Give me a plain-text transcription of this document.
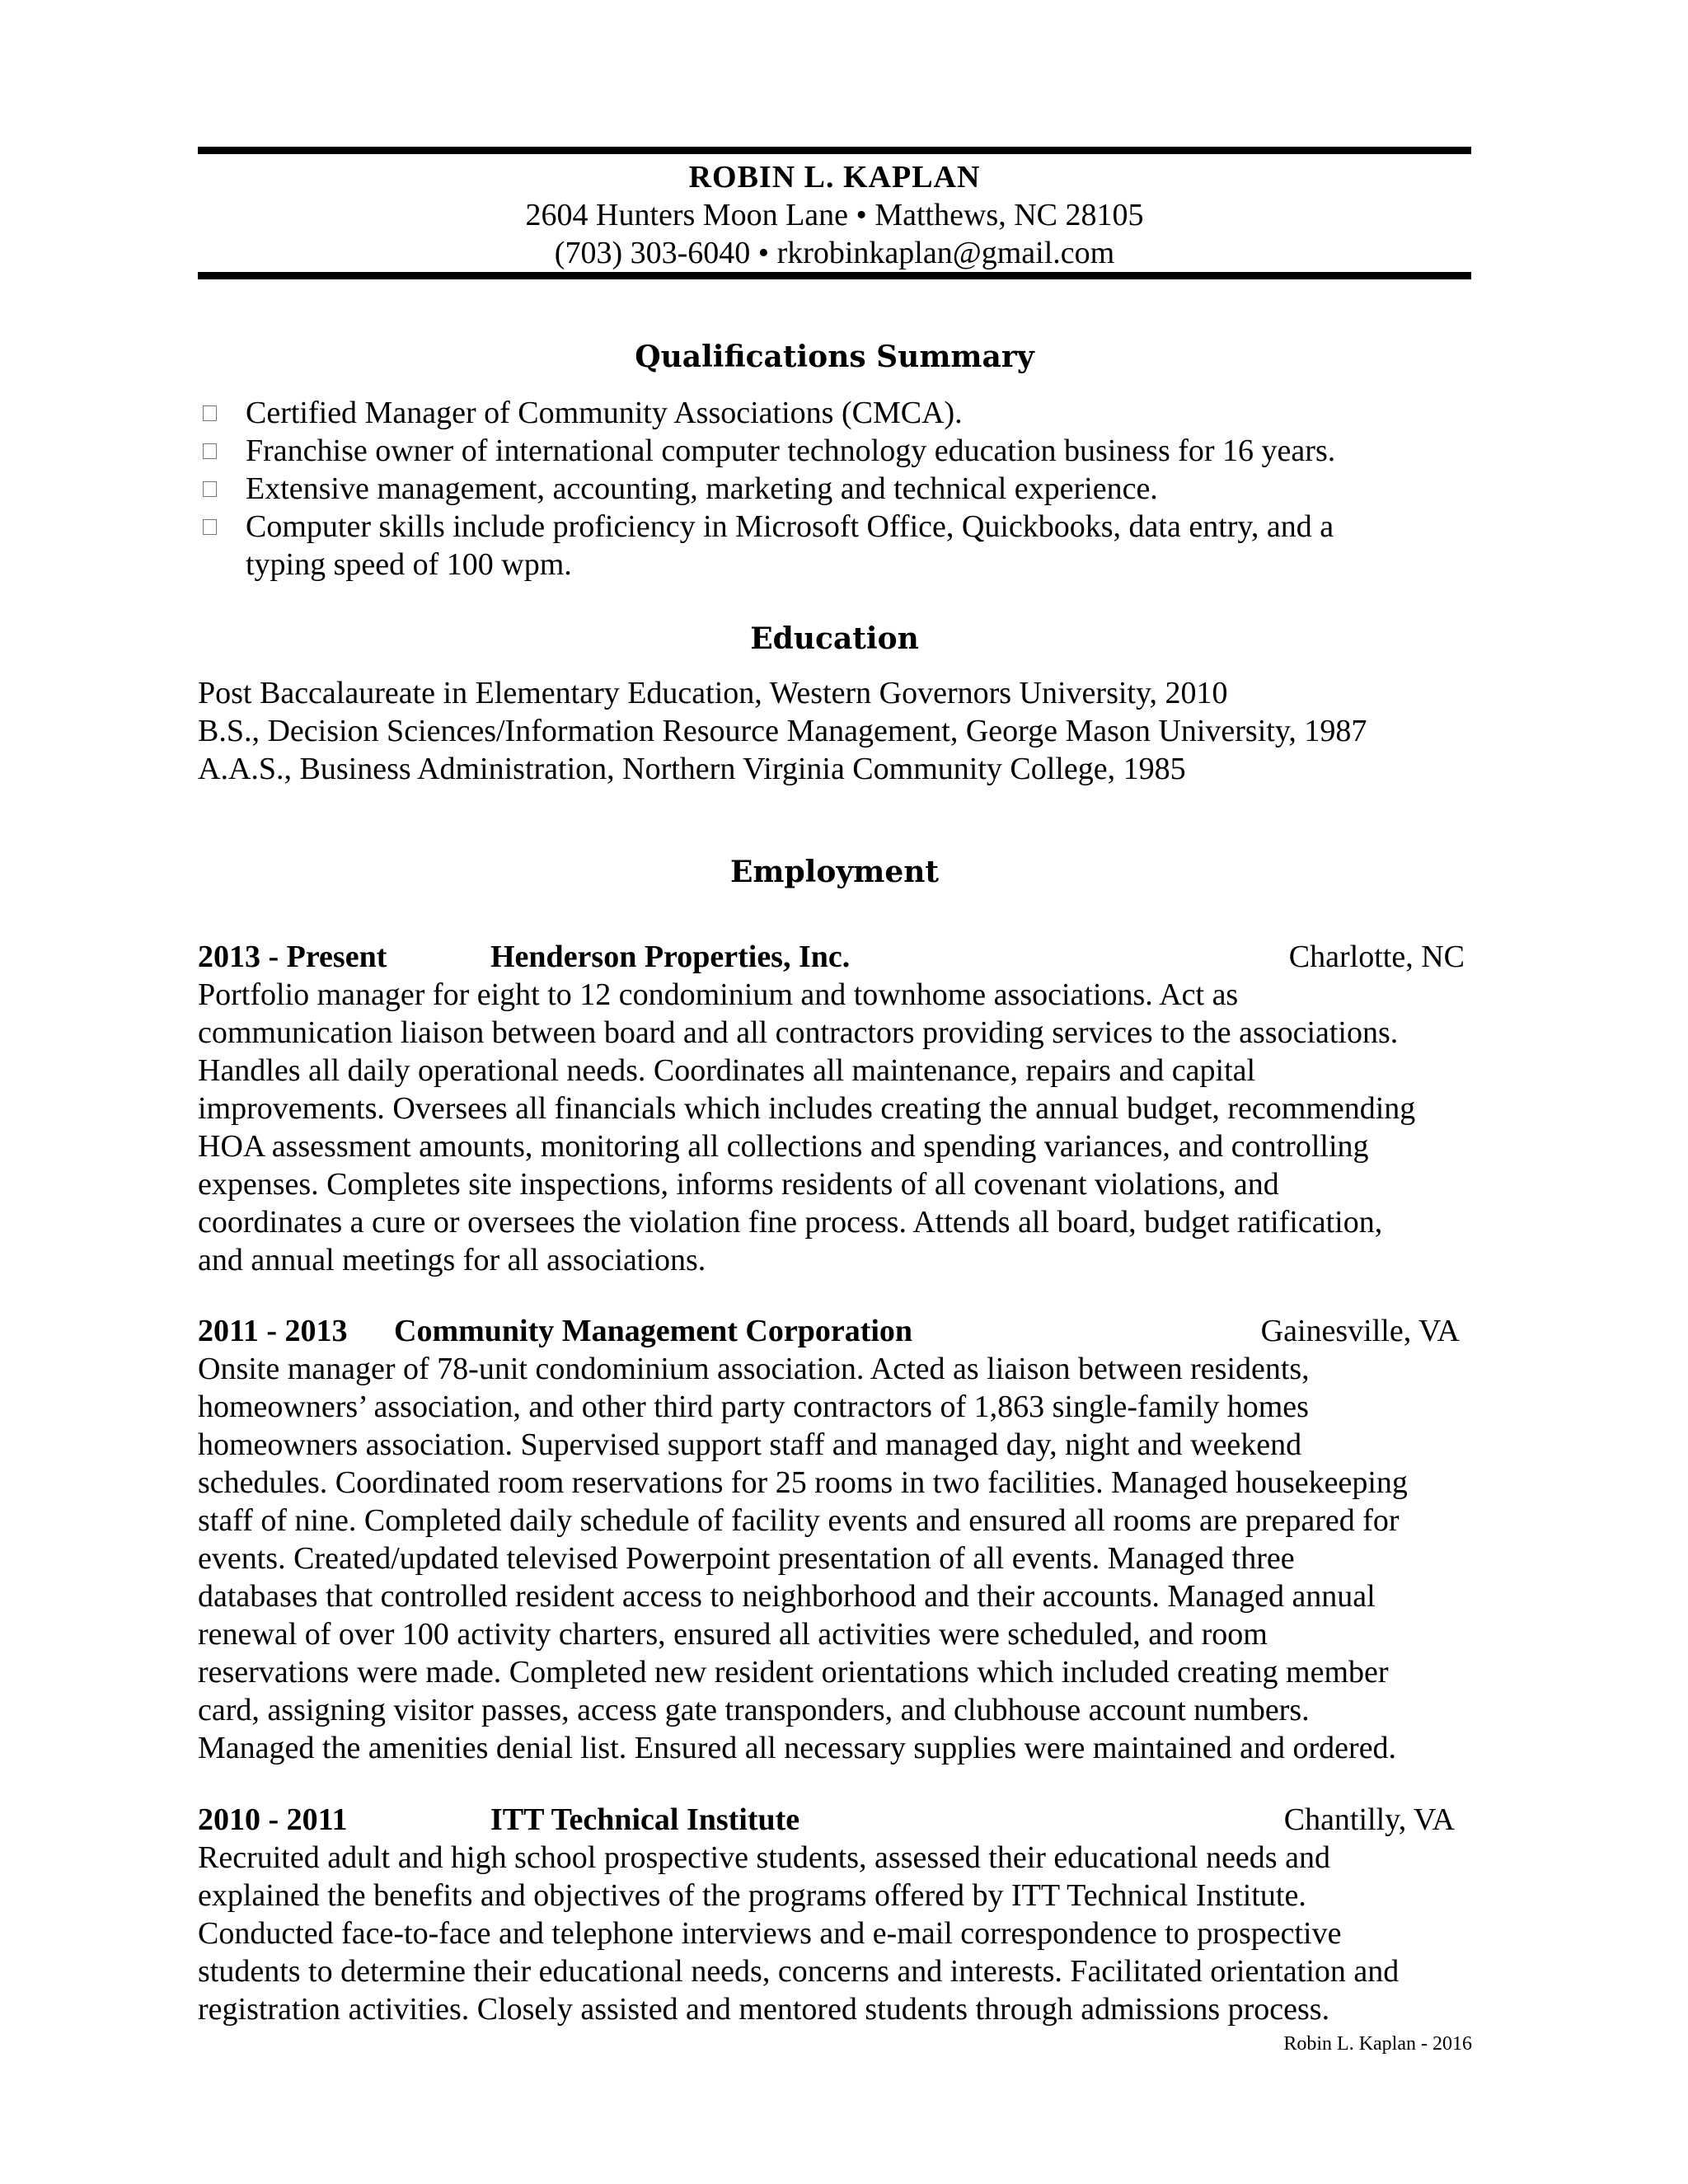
ROBIN L. KAPLAN
2604 Hunters Moon Lane • Matthews, NC 28105
(703) 303-6040 • rkrobinkaplan@gmail.com
Qualifications Summary
Certified Manager of Community Associations (CMCA).
Franchise owner of international computer technology education business for 16 years.
Extensive management, accounting, marketing and technical experience.
Computer skills include proficiency in Microsoft Office, Quickbooks, data entry, and a typing speed of 100 wpm.
Education
Post Baccalaureate in Elementary Education, Western Governors University, 2010
B.S., Decision Sciences/Information Resource Management, George Mason University, 1987
A.A.S., Business Administration, Northern Virginia Community College, 1985
Employment
2013 - Present	Henderson Properties, Inc.	Charlotte, NC
Portfolio manager for eight to 12 condominium and townhome associations. Act as
communication liaison between board and all contractors providing services to the associations.
Handles all daily operational needs. Coordinates all maintenance, repairs and capital
improvements. Oversees all financials which includes creating the annual budget, recommending
HOA assessment amounts, monitoring all collections and spending variances, and controlling
expenses. Completes site inspections, informs residents of all covenant violations, and
coordinates a cure or oversees the violation fine process. Attends all board, budget ratification,
and annual meetings for all associations.
2011 - 2013 Community Management Corporation	Gainesville, VA
Onsite manager of 78-unit condominium association. Acted as liaison between residents,
homeowners’ association, and other third party contractors of 1,863 single-family homes
homeowners association. Supervised support staff and managed day, night and weekend
schedules. Coordinated room reservations for 25 rooms in two facilities. Managed housekeeping
staff of nine. Completed daily schedule of facility events and ensured all rooms are prepared for
events. Created/updated televised Powerpoint presentation of all events. Managed three
databases that controlled resident access to neighborhood and their accounts. Managed annual
renewal of over 100 activity charters, ensured all activities were scheduled, and room
reservations were made. Completed new resident orientations which included creating member
card, assigning visitor passes, access gate transponders, and clubhouse account numbers.
Managed the amenities denial list. Ensured all necessary supplies were maintained and ordered.
2010 - 2011	ITT Technical Institute	Chantilly, VA
Recruited adult and high school prospective students, assessed their educational needs and
explained the benefits and objectives of the programs offered by ITT Technical Institute.
Conducted face-to-face and telephone interviews and e-mail correspondence to prospective
students to determine their educational needs, concerns and interests. Facilitated orientation and
registration activities. Closely assisted and mentored students through admissions process.
Robin L. Kaplan - 2016
